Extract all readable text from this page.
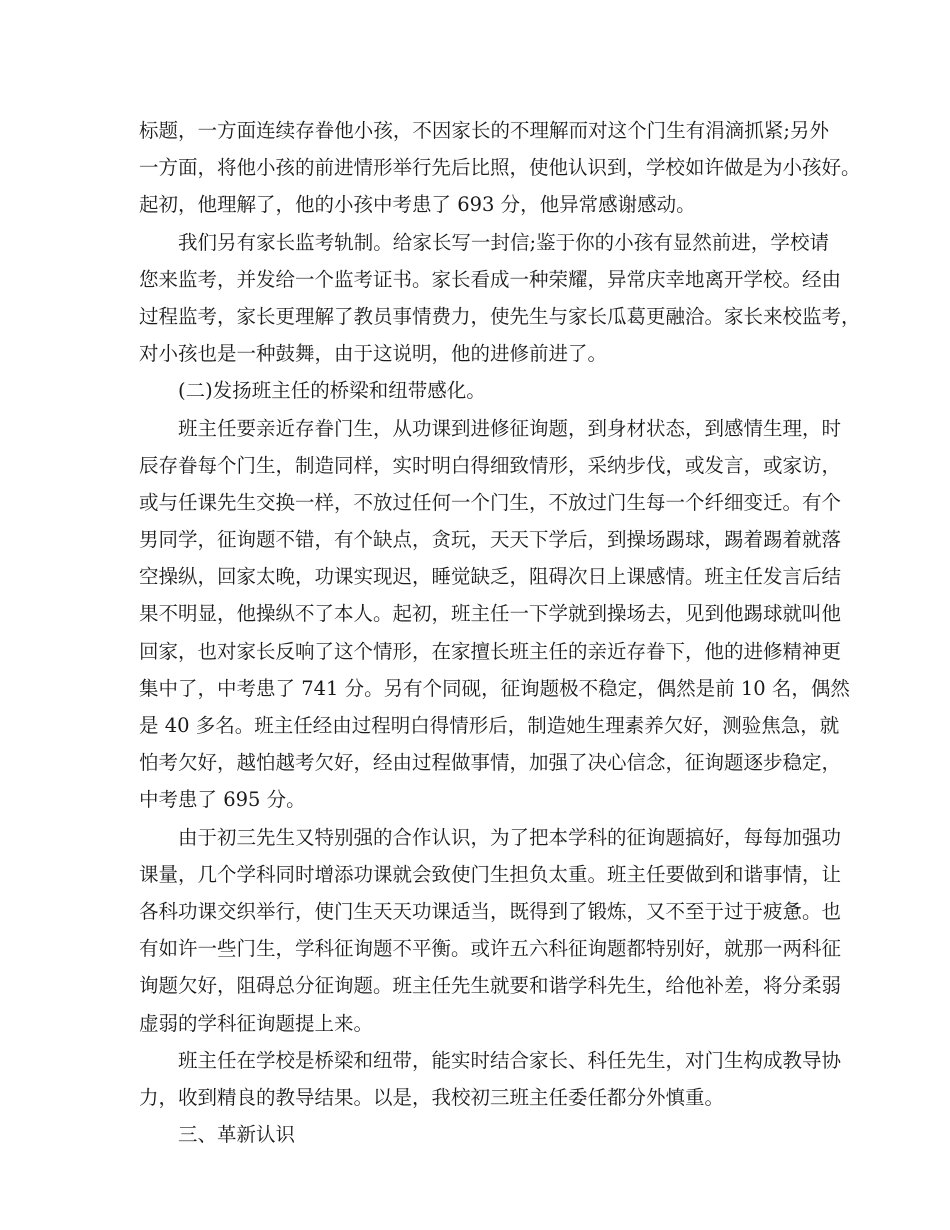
标题，一方面连续存眷他小孩，不因家长的不理解而对这个门生有涓滴抓紧;另外
一方面，将他小孩的前进情形举行先后比照，使他认识到，学校如许做是为小孩好。
起初，他理解了，他的小孩中考患了 693 分，他异常感谢感动。
我们另有家长监考轨制。给家长写一封信;鉴于你的小孩有显然前进，学校请
您来监考，并发给一个监考证书。家长看成一种荣耀，异常庆幸地离开学校。经由
过程监考，家长更理解了教员事情费力，使先生与家长瓜葛更融洽。家长来校监考，
对小孩也是一种鼓舞，由于这说明，他的进修前进了。
(二)发扬班主任的桥梁和纽带感化。
班主任要亲近存眷门生，从功课到进修征询题，到身材状态，到感情生理，时
辰存眷每个门生，制造同样，实时明白得细致情形，采纳步伐，或发言，或家访，
或与任课先生交换一样，不放过任何一个门生，不放过门生每一个纤细变迁。有个
男同学，征询题不错，有个缺点，贪玩，天天下学后，到操场踢球，踢着踢着就落
空操纵，回家太晚，功课实现迟，睡觉缺乏，阻碍次日上课感情。班主任发言后结
果不明显，他操纵不了本人。起初，班主任一下学就到操场去，见到他踢球就叫他
回家，也对家长反响了这个情形，在家擅长班主任的亲近存眷下，他的进修精神更
集中了，中考患了 741 分。另有个同砚，征询题极不稳定，偶然是前 10 名，偶然
是 40 多名。班主任经由过程明白得情形后，制造她生理素养欠好，测验焦急，就
怕考欠好，越怕越考欠好，经由过程做事情，加强了决心信念，征询题逐步稳定，
中考患了 695 分。
由于初三先生又特别强的合作认识，为了把本学科的征询题搞好，每每加强功
课量，几个学科同时增添功课就会致使门生担负太重。班主任要做到和谐事情，让
各科功课交织举行，使门生天天功课适当，既得到了锻炼，又不至于过于疲惫。也
有如许一些门生，学科征询题不平衡。或许五六科征询题都特别好，就那一两科征
询题欠好，阻碍总分征询题。班主任先生就要和谐学科先生，给他补差，将分柔弱
虚弱的学科征询题提上来。
班主任在学校是桥梁和纽带，能实时结合家长、科任先生，对门生构成教导协
力，收到精良的教导结果。以是，我校初三班主任委任都分外慎重。
三、革新认识
